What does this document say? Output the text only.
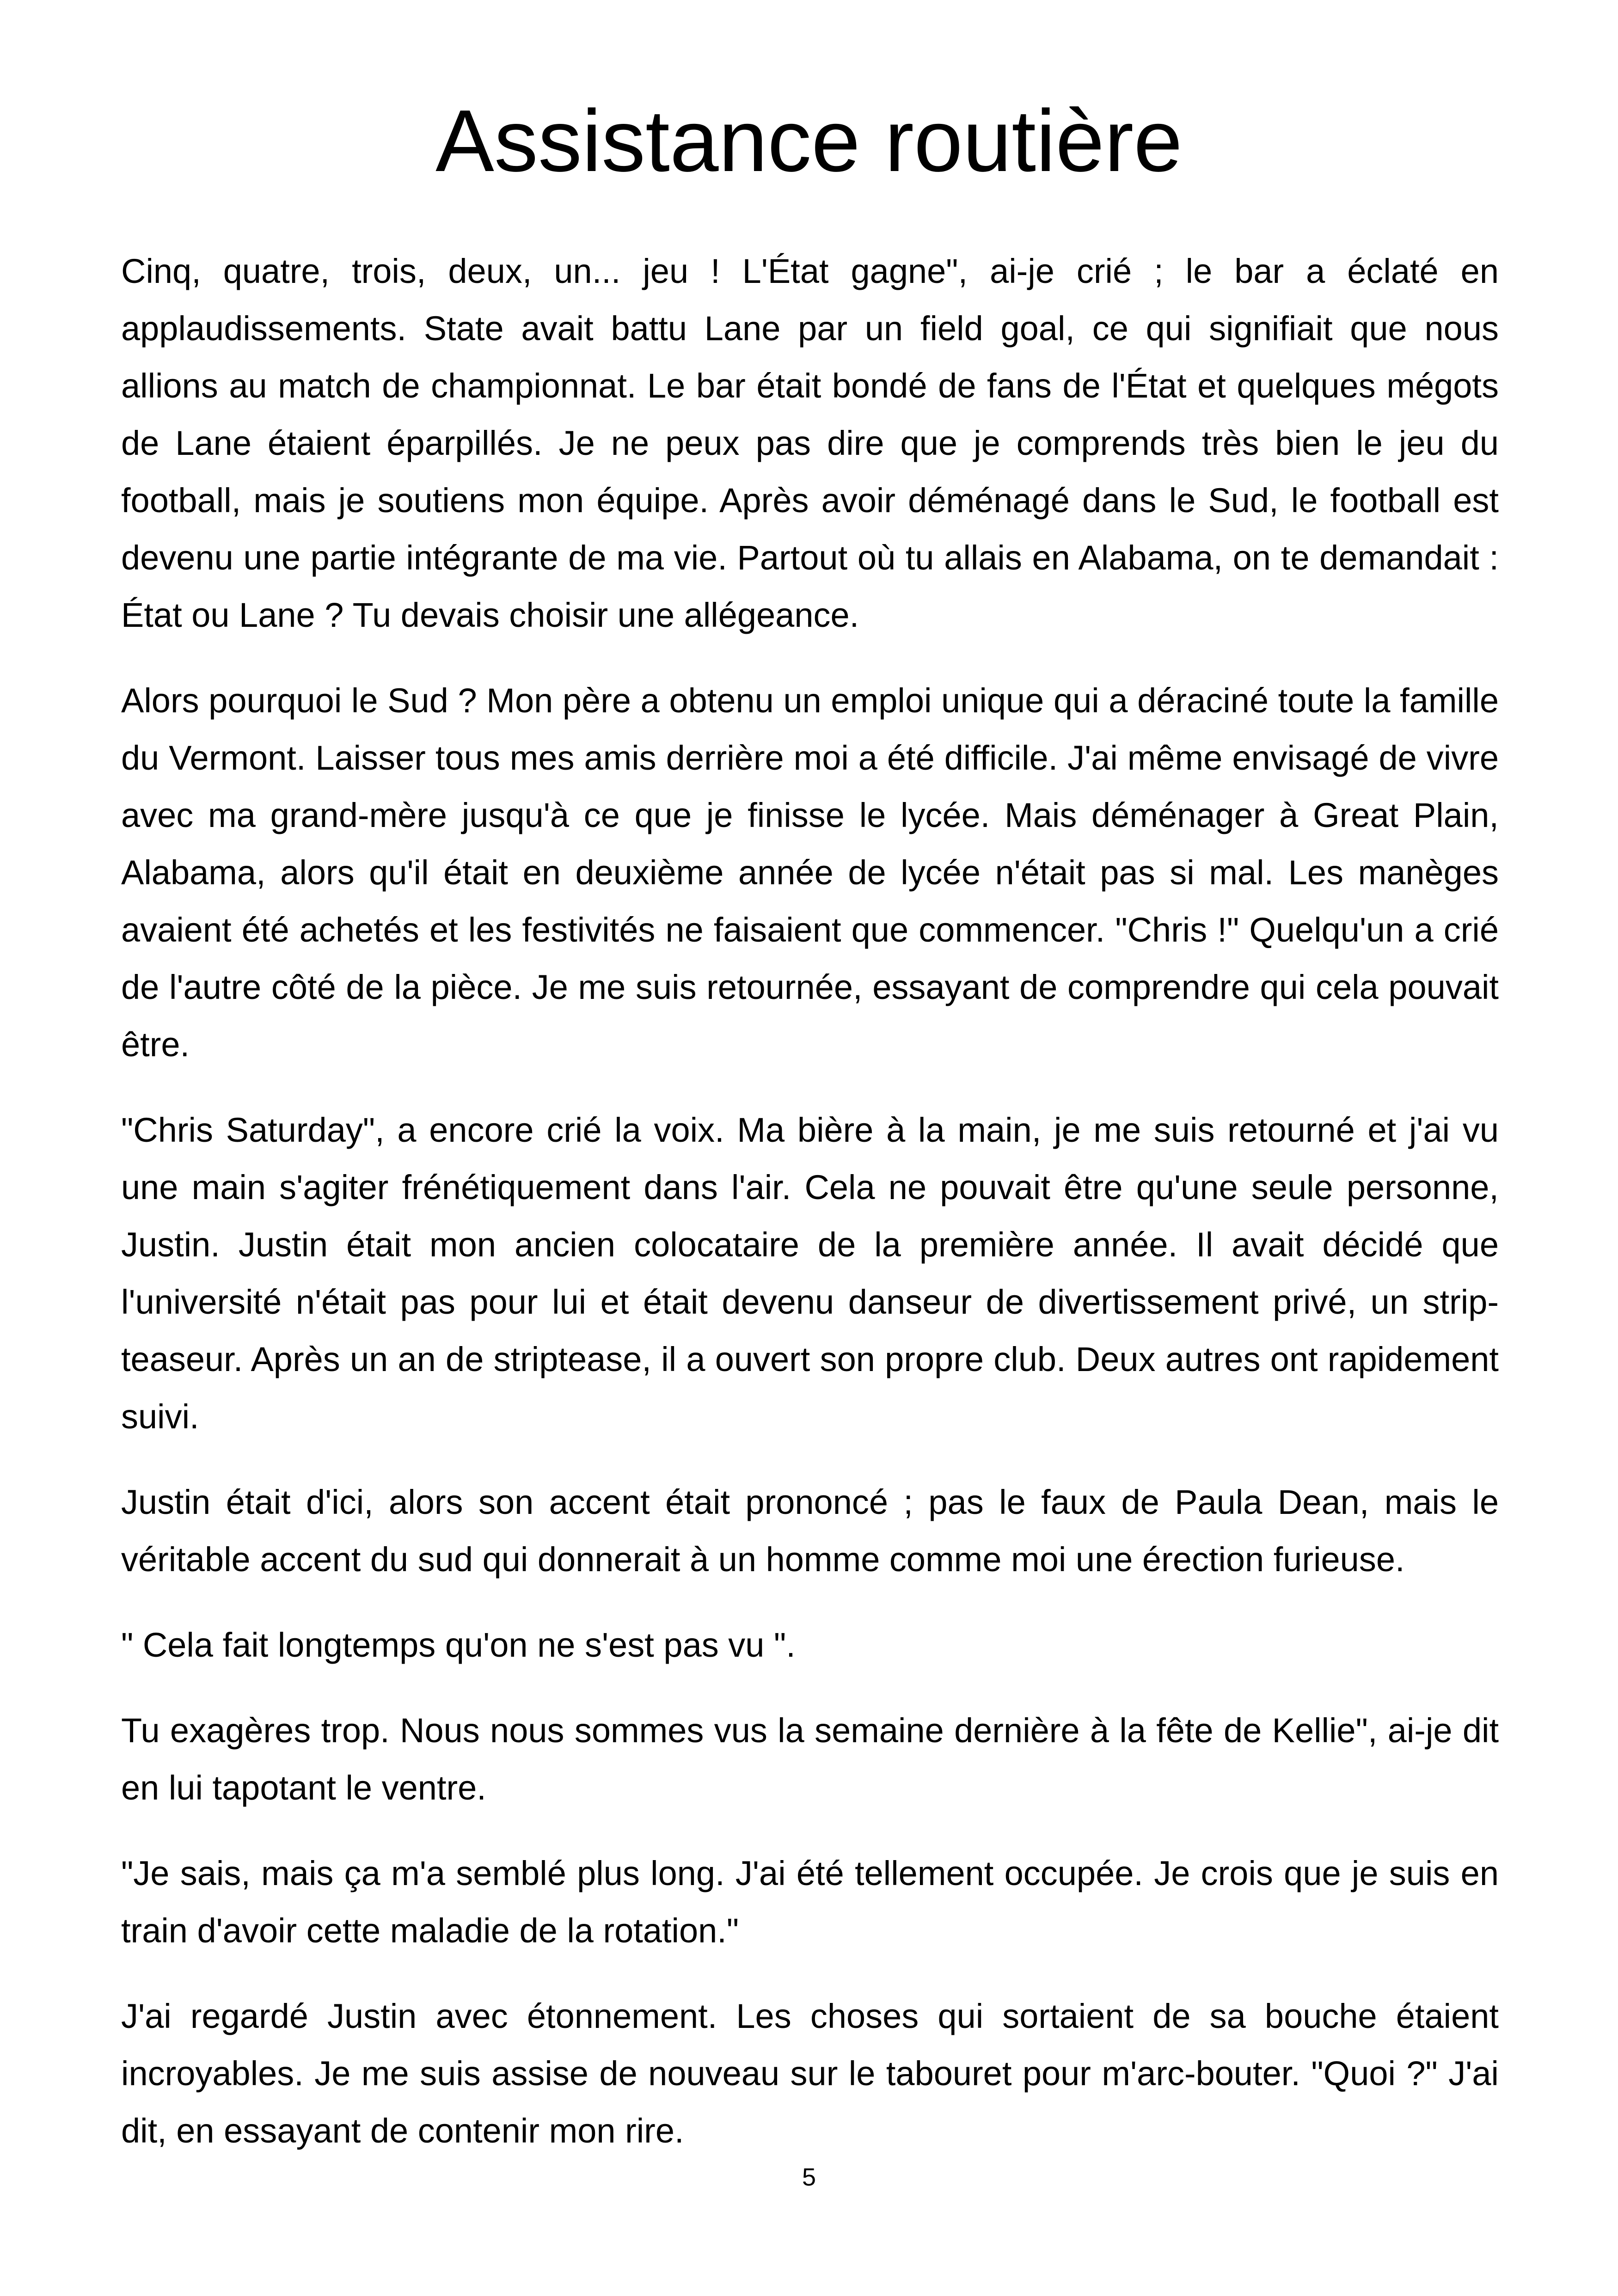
Assistance routière

Cinq, quatre, trois, deux, un... jeu ! L'État gagne", ai-je crié ; le bar a éclaté en applaudissements. State avait battu Lane par un field goal, ce qui signifiait que nous allions au match de championnat. Le bar était bondé de fans de l'État et quelques mégots de Lane étaient éparpillés. Je ne peux pas dire que je comprends très bien le jeu du football, mais je soutiens mon équipe. Après avoir déménagé dans le Sud, le football est devenu une partie intégrante de ma vie. Partout où tu allais en Alabama, on te demandait : État ou Lane ? Tu devais choisir une allégeance.

Alors pourquoi le Sud ? Mon père a obtenu un emploi unique qui a déraciné toute la famille du Vermont. Laisser tous mes amis derrière moi a été difficile. J'ai même envisagé de vivre avec ma grand-mère jusqu'à ce que je finisse le lycée. Mais déménager à Great Plain, Alabama, alors qu'il était en deuxième année de lycée n'était pas si mal. Les manèges avaient été achetés et les festivités ne faisaient que commencer. "Chris !" Quelqu'un a crié de l'autre côté de la pièce. Je me suis retournée, essayant de comprendre qui cela pouvait être.

"Chris Saturday", a encore crié la voix. Ma bière à la main, je me suis retourné et j'ai vu une main s'agiter frénétiquement dans l'air. Cela ne pouvait être qu'une seule personne, Justin. Justin était mon ancien colocataire de la première année. Il avait décidé que l'université n'était pas pour lui et était devenu danseur de divertissement privé, un strip-teaseur. Après un an de striptease, il a ouvert son propre club. Deux autres ont rapidement suivi.

Justin était d'ici, alors son accent était prononcé ; pas le faux de Paula Dean, mais le véritable accent du sud qui donnerait à un homme comme moi une érection furieuse.

" Cela fait longtemps qu'on ne s'est pas vu ".

Tu exagères trop. Nous nous sommes vus la semaine dernière à la fête de Kellie", ai-je dit en lui tapotant le ventre.

"Je sais, mais ça m'a semblé plus long. J'ai été tellement occupée. Je crois que je suis en train d'avoir cette maladie de la rotation."

J'ai regardé Justin avec étonnement. Les choses qui sortaient de sa bouche étaient incroyables. Je me suis assise de nouveau sur le tabouret pour m'arc-bouter. "Quoi ?" J'ai dit, en essayant de contenir mon rire.

5
